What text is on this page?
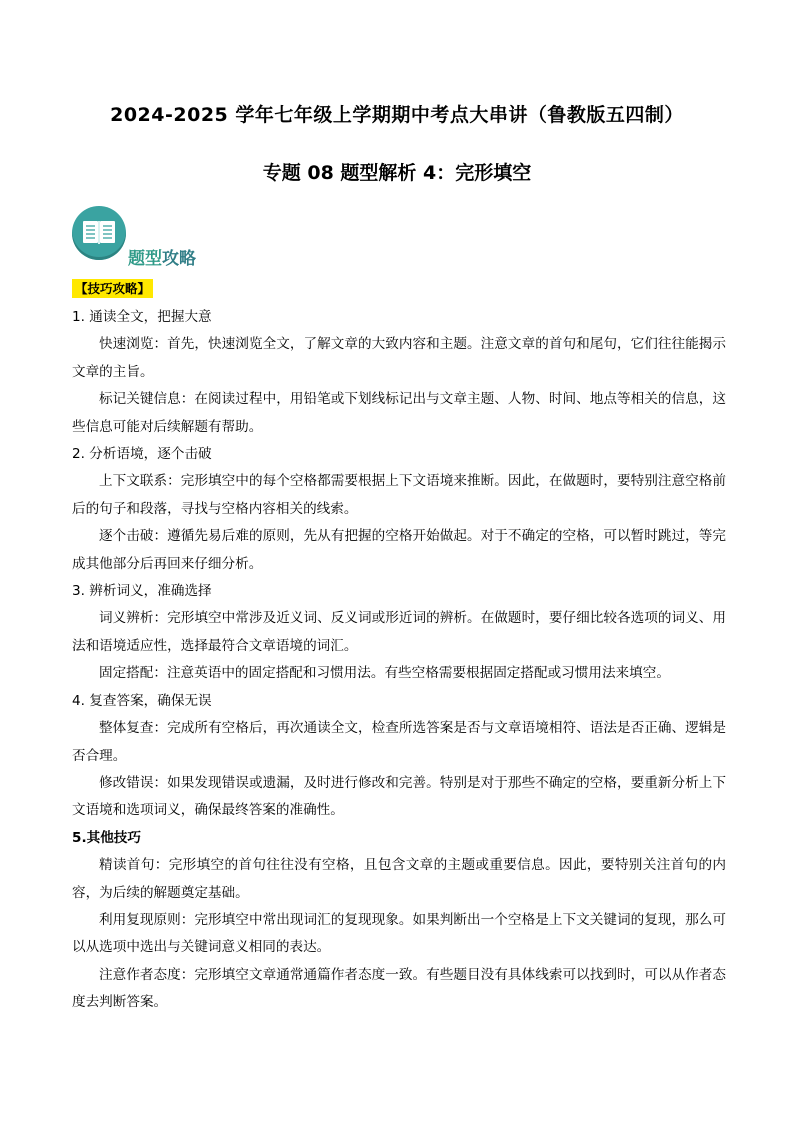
2024-2025 学年七年级上学期期中考点大串讲（鲁教版五四制）
专题 08 题型解析 4：完形填空
题型攻略
【技巧攻略】

1. 通读全文，把握大意

快速浏览：首先，快速浏览全文，了解文章的大致内容和主题。注意文章的首句和尾句，它们往往能揭示文章的主旨。

标记关键信息：在阅读过程中，用铅笔或下划线标记出与文章主题、人物、时间、地点等相关的信息，这些信息可能对后续解题有帮助。

2. 分析语境，逐个击破

上下文联系：完形填空中的每个空格都需要根据上下文语境来推断。因此，在做题时，要特别注意空格前后的句子和段落，寻找与空格内容相关的线索。

逐个击破：遵循先易后难的原则，先从有把握的空格开始做起。对于不确定的空格，可以暂时跳过，等完成其他部分后再回来仔细分析。

3. 辨析词义，准确选择

词义辨析：完形填空中常涉及近义词、反义词或形近词的辨析。在做题时，要仔细比较各选项的词义、用法和语境适应性，选择最符合文章语境的词汇。

固定搭配：注意英语中的固定搭配和习惯用法。有些空格需要根据固定搭配或习惯用法来填空。

4. 复查答案，确保无误

整体复查：完成所有空格后，再次通读全文，检查所选答案是否与文章语境相符、语法是否正确、逻辑是否合理。

修改错误：如果发现错误或遗漏，及时进行修改和完善。特别是对于那些不确定的空格，要重新分析上下文语境和选项词义，确保最终答案的准确性。

5.其他技巧

精读首句：完形填空的首句往往没有空格，且包含文章的主题或重要信息。因此，要特别关注首句的内容，为后续的解题奠定基础。

利用复现原则：完形填空中常出现词汇的复现现象。如果判断出一个空格是上下文关键词的复现，那么可以从选项中选出与关键词意义相同的表达。

注意作者态度：完形填空文章通常通篇作者态度一致。有些题目没有具体线索可以找到时，可以从作者态度去判断答案。
